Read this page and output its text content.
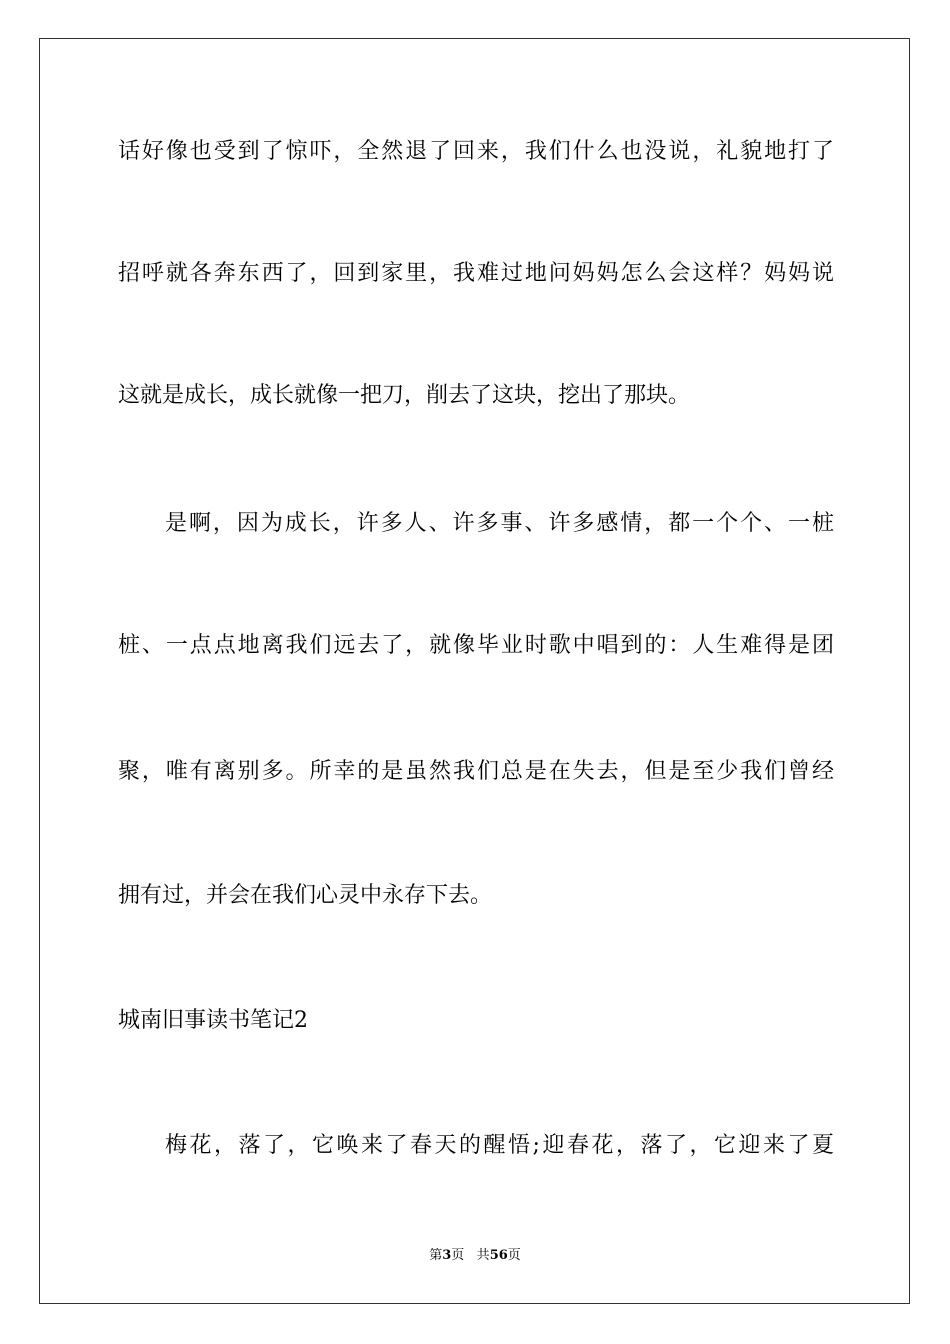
话好像也受到了惊吓，全然退了回来，我们什么也没说，礼貌地打了
招呼就各奔东西了，回到家里，我难过地问妈妈怎么会这样？妈妈说
这就是成长，成长就像一把刀，削去了这块，挖出了那块。
是啊，因为成长，许多人、许多事、许多感情，都一个个、一桩
桩、一点点地离我们远去了，就像毕业时歌中唱到的：人生难得是团
聚，唯有离别多。所幸的是虽然我们总是在失去，但是至少我们曾经
拥有过，并会在我们心灵中永存下去。
城南旧事读书笔记2
梅花，落了，它唤来了春天的醒悟;迎春花，落了，它迎来了夏
第3页 共56页
